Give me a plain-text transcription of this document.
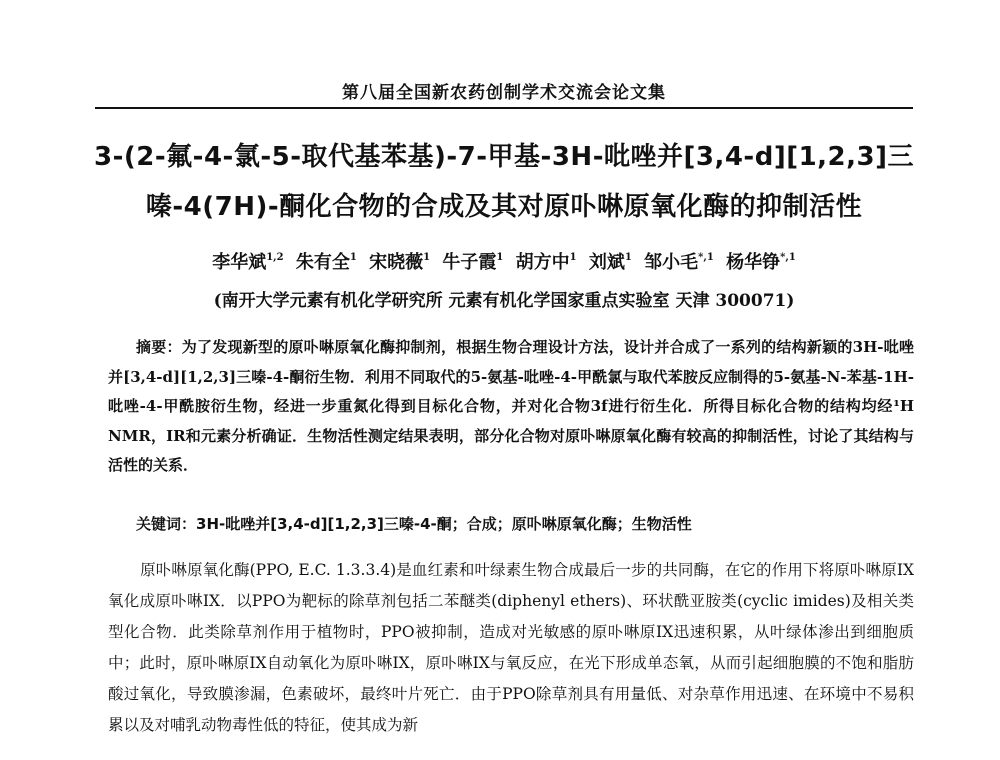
第八届全国新农药创制学术交流会论文集
3-(2-氟-4-氯-5-取代基苯基)-7-甲基-3H-吡唑并[3,4-d][1,2,3]三
嗪-4(7H)-酮化合物的合成及其对原卟啉原氧化酶的抑制活性
李华斌$^{1,2}$ 朱有全$^1$ 宋晓薇$^1$ 牛子霞$^1$ 胡方中$^1$ 刘斌$^1$ 邹小毛$^{*,1}$ 杨华铮$^{*,1}$
(南开大学元素有机化学研究所 元素有机化学国家重点实验室 天津 300071)
摘要：为了发现新型的原卟啉原氧化酶抑制剂，根据生物合理设计方法，设计并合成了一系列的结构新颖的3H-吡唑并[3,4-d][1,2,3]三嗪-4-酮衍生物．利用不同取代的5-氨基-吡唑-4-甲酰氯与取代苯胺反应制得的5-氨基-N-苯基-1H-吡唑-4-甲酰胺衍生物，经进一步重氮化得到目标化合物，并对化合物3f进行衍生化．所得目标化合物的结构均经¹H NMR，IR和元素分析确证．生物活性测定结果表明，部分化合物对原卟啉原氧化酶有较高的抑制活性，讨论了其结构与活性的关系．
关键词：3H-吡唑并[3,4-d][1,2,3]三嗪-4-酮；合成；原卟啉原氧化酶；生物活性
原卟啉原氧化酶(PPO, E.C. 1.3.3.4)是血红素和叶绿素生物合成最后一步的共同酶，在它的作用下将原卟啉原IX氧化成原卟啉IX．以PPO为靶标的除草剂包括二苯醚类(diphenyl ethers)、环状酰亚胺类(cyclic imides)及相关类型化合物．此类除草剂作用于植物时，PPO被抑制，造成对光敏感的原卟啉原IX迅速积累，从叶绿体渗出到细胞质中；此时，原卟啉原IX自动氧化为原卟啉IX，原卟啉IX与氧反应，在光下形成单态氧，从而引起细胞膜的不饱和脂肪酸过氧化，导致膜渗漏，色素破坏，最终叶片死亡．由于PPO除草剂具有用量低、对杂草作用迅速、在环境中不易积累以及对哺乳动物毒性低的特征，使其成为新
